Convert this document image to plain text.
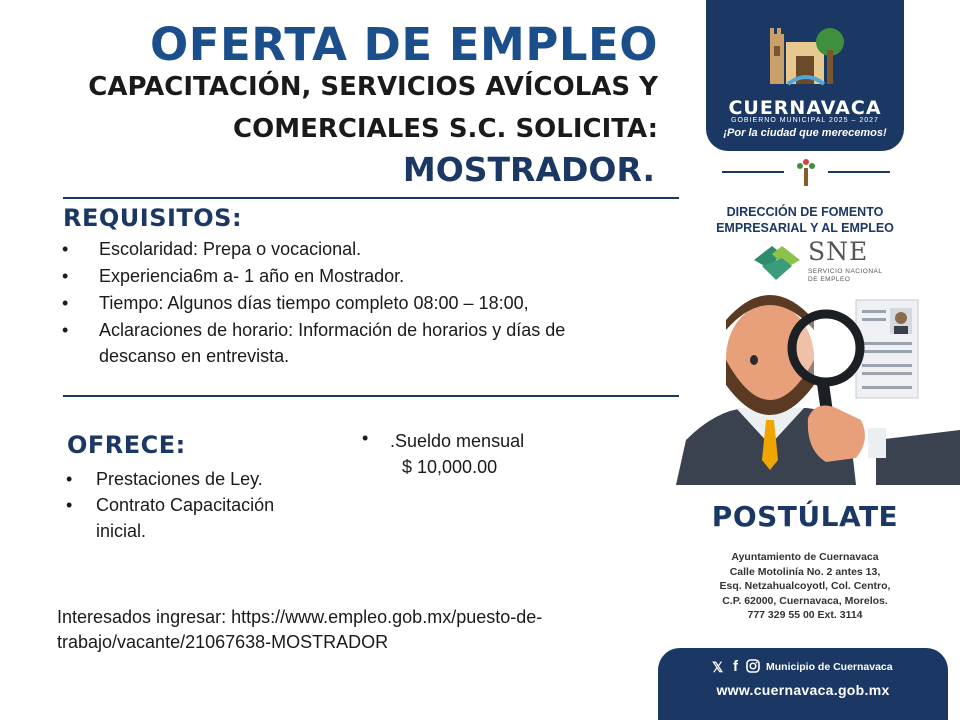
OFERTA DE EMPLEO
CAPACITACIÓN, SERVICIOS AVÍCOLAS Y
COMERCIALES S.C. SOLICITA:
MOSTRADOR.
REQUISITOS:
• Escolaridad: Prepa o vocacional.
• Experiencia6m a- 1 año en Mostrador.
• Tiempo: Algunos días tiempo completo 08:00 – 18:00,
• Aclaraciones de horario: Información de horarios y días de descanso en entrevista.
OFRECE:
• Prestaciones de Ley.
• Contrato Capacitación inicial.
•	.Sueldo mensual
$ 10,000.00
Interesados ingresar: https://www.empleo.gob.mx/puesto-de-trabajo/vacante/21067638-MOSTRADOR
CUERNAVACA
GOBIERNO MUNICIPAL 2025 – 2027
¡Por la ciudad que merecemos!
DIRECCIÓN DE FOMENTO
EMPRESARIAL Y AL EMPLEO
SNE
SERVICIO NACIONAL
DE EMPLEO
POSTÚLATE
Ayuntamiento de Cuernavaca
Calle Motolinía No. 2 antes 13,
Esq. Netzahualcoyotl, Col. Centro,
C.P. 62000, Cuernavaca, Morelos.
777 329 55 00 Ext. 3114
𝕏 f	Municipio de Cuernavaca
www.cuernavaca.gob.mx
